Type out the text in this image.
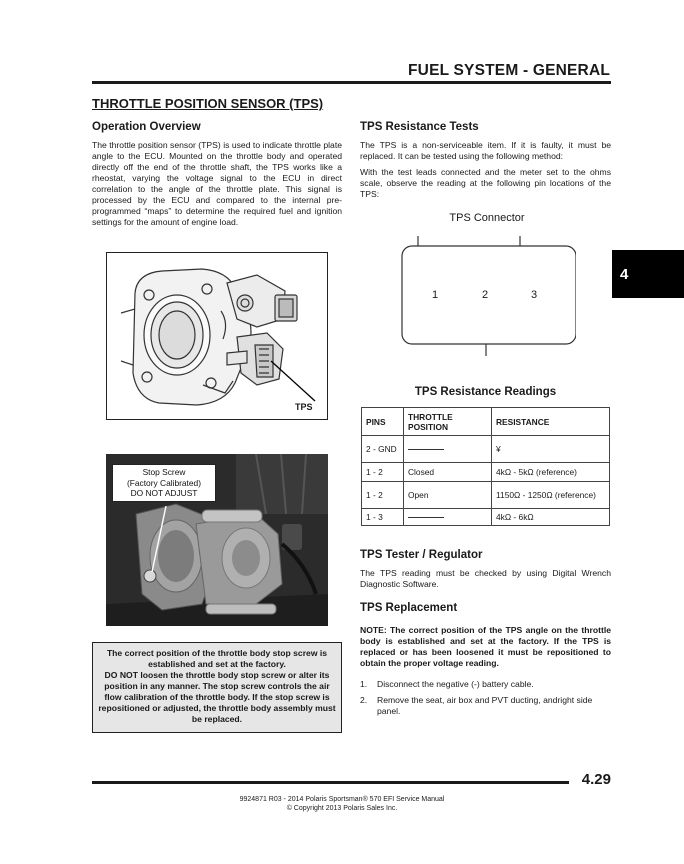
FUEL SYSTEM - GENERAL
THROTTLE POSITION SENSOR (TPS)
Operation Overview

The throttle position sensor (TPS) is used to indicate throttle plate angle to the ECU. Mounted on the throttle body and operated directly off the end of the throttle shaft, the TPS works like a rheostat, varying the voltage signal to the ECU in direct correlation to the angle of the throttle plate. This signal is processed by the ECU and compared to the internal pre-programmed “maps” to determine the required fuel and ignition settings for the amount of engine load.

TPS
Stop Screw
(Factory Calibrated)
DO NOT ADJUST
The correct position of the throttle body stop screw is established and set at the factory.
DO NOT loosen the throttle body stop screw or alter its position in any manner. The stop screw controls the air flow calibration of the throttle body. If the stop screw is repositioned or adjusted, the throttle body assembly must be replaced.
TPS Resistance Tests

The TPS is a non-serviceable item. If it is faulty, it must be replaced. It can be tested using the following method:

With the test leads connected and the meter set to the ohms scale, observe the reading at the following pin locations of the TPS:

TPS Connector
1	2	3
TPS Resistance Readings
PINS	THROTTLE POSITION	RESISTANCE
2 - GND		¥
1 - 2	Closed	4kΩ - 5kΩ (reference)
1 - 2	Open	1150Ω - 1250Ω (reference)
1 - 3		4kΩ - 6kΩ
TPS Tester / Regulator

The TPS reading must be checked by using Digital Wrench Diagnostic Software.

TPS Replacement

NOTE: The correct position of the TPS angle on the throttle body is established and set at the factory. If the TPS is replaced or has been loosened it must be repositioned to obtain the proper voltage reading.

1.	Disconnect the negative (-) battery cable.
2.	Remove the seat, air box and PVT ducting, andright side panel.
4
4.29
9924871 R03 - 2014 Polaris Sportsman® 570 EFI Service Manual
© Copyright 2013 Polaris Sales Inc.
